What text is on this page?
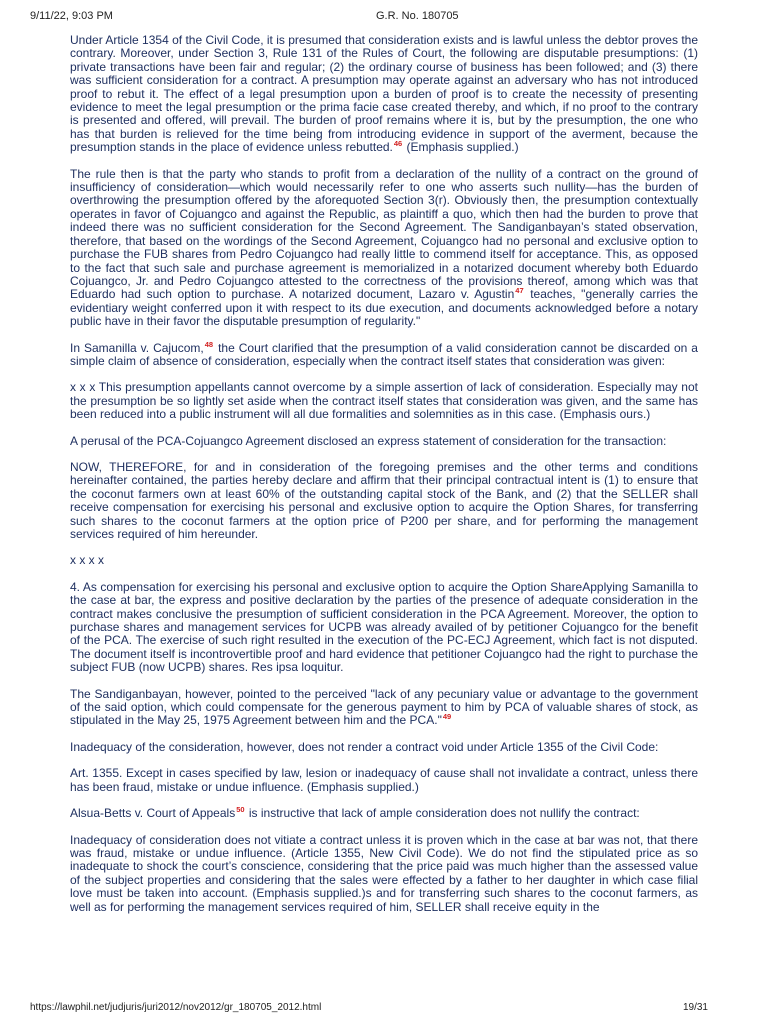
9/11/22, 9:03 PM	G.R. No. 180705

Under Article 1354 of the Civil Code, it is presumed that consideration exists and is lawful unless the debtor proves the contrary. Moreover, under Section 3, Rule 131 of the Rules of Court, the following are disputable presumptions: (1) private transactions have been fair and regular; (2) the ordinary course of business has been followed; and (3) there was sufficient consideration for a contract. A presumption may operate against an adversary who has not introduced proof to rebut it. The effect of a legal presumption upon a burden of proof is to create the necessity of presenting evidence to meet the legal presumption or the prima facie case created thereby, and which, if no proof to the contrary is presented and offered, will prevail. The burden of proof remains where it is, but by the presumption, the one who has that burden is relieved for the time being from introducing evidence in support of the averment, because the presumption stands in the place of evidence unless rebutted.$^{46}$ (Emphasis supplied.)

The rule then is that the party who stands to profit from a declaration of the nullity of a contract on the ground of insufficiency of consideration—which would necessarily refer to one who asserts such nullity—has the burden of overthrowing the presumption offered by the aforequoted Section 3(r). Obviously then, the presumption contextually operates in favor of Cojuangco and against the Republic, as plaintiff a quo, which then had the burden to prove that indeed there was no sufficient consideration for the Second Agreement. The Sandiganbayan’s stated observation, therefore, that based on the wordings of the Second Agreement, Cojuangco had no personal and exclusive option to purchase the FUB shares from Pedro Cojuangco had really little to commend itself for acceptance. This, as opposed to the fact that such sale and purchase agreement is memorialized in a notarized document whereby both Eduardo Cojuangco, Jr. and Pedro Cojuangco attested to the correctness of the provisions thereof, among which was that Eduardo had such option to purchase. A notarized document, Lazaro v. Agustin$^{47}$ teaches, "generally carries the evidentiary weight conferred upon it with respect to its due execution, and documents acknowledged before a notary public have in their favor the disputable presumption of regularity."

In Samanilla v. Cajucom,$^{48}$ the Court clarified that the presumption of a valid consideration cannot be discarded on a simple claim of absence of consideration, especially when the contract itself states that consideration was given:

x x x This presumption appellants cannot overcome by a simple assertion of lack of consideration. Especially may not the presumption be so lightly set aside when the contract itself states that consideration was given, and the same has been reduced into a public instrument will all due formalities and solemnities as in this case. (Emphasis ours.)

A perusal of the PCA-Cojuangco Agreement disclosed an express statement of consideration for the transaction:

NOW, THEREFORE, for and in consideration of the foregoing premises and the other terms and conditions hereinafter contained, the parties hereby declare and affirm that their principal contractual intent is (1) to ensure that the coconut farmers own at least 60% of the outstanding capital stock of the Bank, and (2) that the SELLER shall receive compensation for exercising his personal and exclusive option to acquire the Option Shares, for transferring such shares to the coconut farmers at the option price of P200 per share, and for performing the management services required of him hereunder.

x x x x

4. As compensation for exercising his personal and exclusive option to acquire the Option ShareApplying Samanilla to the case at bar, the express and positive declaration by the parties of the presence of adequate consideration in the contract makes conclusive the presumption of sufficient consideration in the PCA Agreement. Moreover, the option to purchase shares and management services for UCPB was already availed of by petitioner Cojuangco for the benefit of the PCA. The exercise of such right resulted in the execution of the PC-ECJ Agreement, which fact is not disputed. The document itself is incontrovertible proof and hard evidence that petitioner Cojuangco had the right to purchase the subject FUB (now UCPB) shares. Res ipsa loquitur.

The Sandiganbayan, however, pointed to the perceived "lack of any pecuniary value or advantage to the government of the said option, which could compensate for the generous payment to him by PCA of valuable shares of stock, as stipulated in the May 25, 1975 Agreement between him and the PCA."$^{49}$

Inadequacy of the consideration, however, does not render a contract void under Article 1355 of the Civil Code:

Art. 1355. Except in cases specified by law, lesion or inadequacy of cause shall not invalidate a contract, unless there has been fraud, mistake or undue influence. (Emphasis supplied.)

Alsua-Betts v. Court of Appeals$^{50}$ is instructive that lack of ample consideration does not nullify the contract:

Inadequacy of consideration does not vitiate a contract unless it is proven which in the case at bar was not, that there was fraud, mistake or undue influence. (Article 1355, New Civil Code). We do not find the stipulated price as so inadequate to shock the court’s conscience, considering that the price paid was much higher than the assessed value of the subject properties and considering that the sales were effected by a father to her daughter in which case filial love must be taken into account. (Emphasis supplied.)s and for transferring such shares to the coconut farmers, as well as for performing the management services required of him, SELLER shall receive equity in the

https://lawphil.net/judjuris/juri2012/nov2012/gr_180705_2012.html	19/31
